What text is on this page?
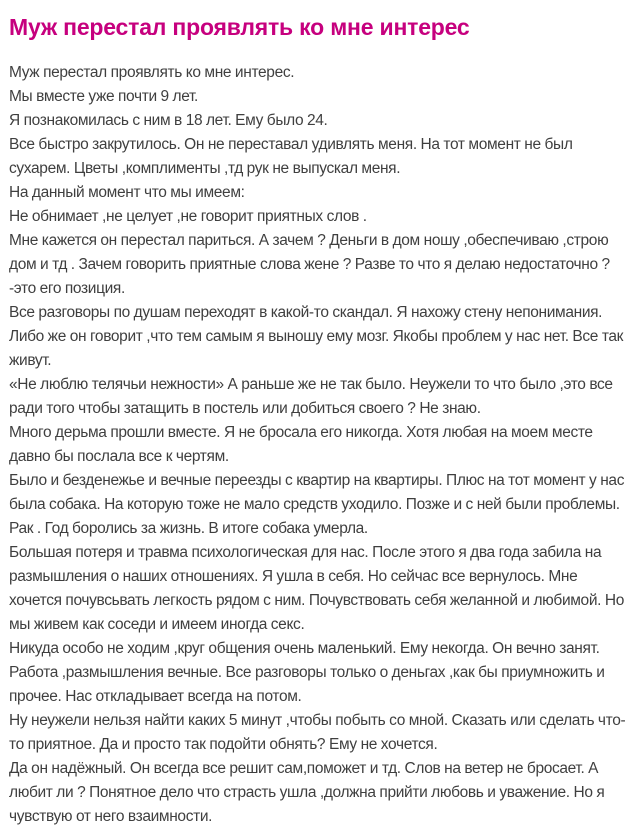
Муж перестал проявлять ко мне интерес

Муж перестал проявлять ко мне интерес.

Мы вместе уже почти 9 лет.

Я познакомилась с ним в 18 лет. Ему было 24.

Все быстро закрутилось. Он не переставал удивлять меня. На тот момент не был сухарем. Цветы ,комплименты ,тд рук не выпускал меня.

На данный момент что мы имеем:

Не обнимает ,не целует ,не говорит приятных слов .

Мне кажется он перестал париться. А зачем ? Деньги в дом ношу ,обеспечиваю ,строю дом и тд . Зачем говорить приятные слова жене ? Разве то что я делаю недостаточно ? -это его позиция.

Все разговоры по душам переходят в какой-то скандал. Я нахожу стену непонимания. Либо же он говорит ,что тем самым я выношу ему мозг. Якобы проблем у нас нет. Все так живут.

«Не люблю телячьи нежности» А раньше же не так было. Неужели то что было ,это все ради того чтобы затащить в постель или добиться своего ? Не знаю.

Много дерьма прошли вместе. Я не бросала его никогда. Хотя любая на моем месте давно бы послала все к чертям.

Было и безденежье и вечные переезды с квартир на квартиры. Плюс на тот момент у нас была собака. На которую тоже не мало средств уходило. Позже и с ней были проблемы. Рак . Год боролись за жизнь. В итоге собака умерла.

Большая потеря и травма психологическая для нас. После этого я два года забила на размышления о наших отношениях. Я ушла в себя. Но сейчас все вернулось. Мне хочется почувсьвать легкость рядом с ним. Почувствовать себя желанной и любимой. Но мы живем как соседи и имеем иногда секс.

Никуда особо не ходим ,круг общения очень маленький. Ему некогда. Он вечно занят. Работа ,размышления вечные. Все разговоры только о деньгах ,как бы приумножить и прочее. Нас откладывает всегда на потом.

Ну неужели нельзя найти каких 5 минут ,чтобы побыть со мной. Сказать или сделать что-то приятное. Да и просто так подойти обнять? Ему не хочется.

Да он надёжный. Он всегда все решит сам,поможет и тд. Слов на ветер не бросает. А любит ли ? Понятное дело что страсть ушла ,должна прийти любовь и уважение. Но я чувствую от него взаимности.
